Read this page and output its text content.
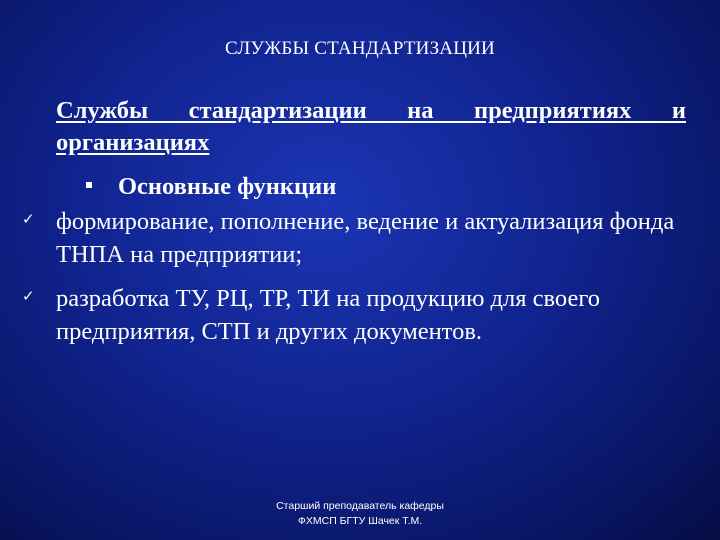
СЛУЖБЫ СТАНДАРТИЗАЦИИ
Службы стандартизации на предприятиях и организациях
Основные функции
✓ формирование, пополнение, ведение и актуализация фонда ТНПА на предприятии;
✓ разработка ТУ, РЦ, ТР, ТИ на продукцию для своего предприятия, СТП и других документов.
Старший преподаватель кафедры
ФХМСП БГТУ Шачек Т.М.
